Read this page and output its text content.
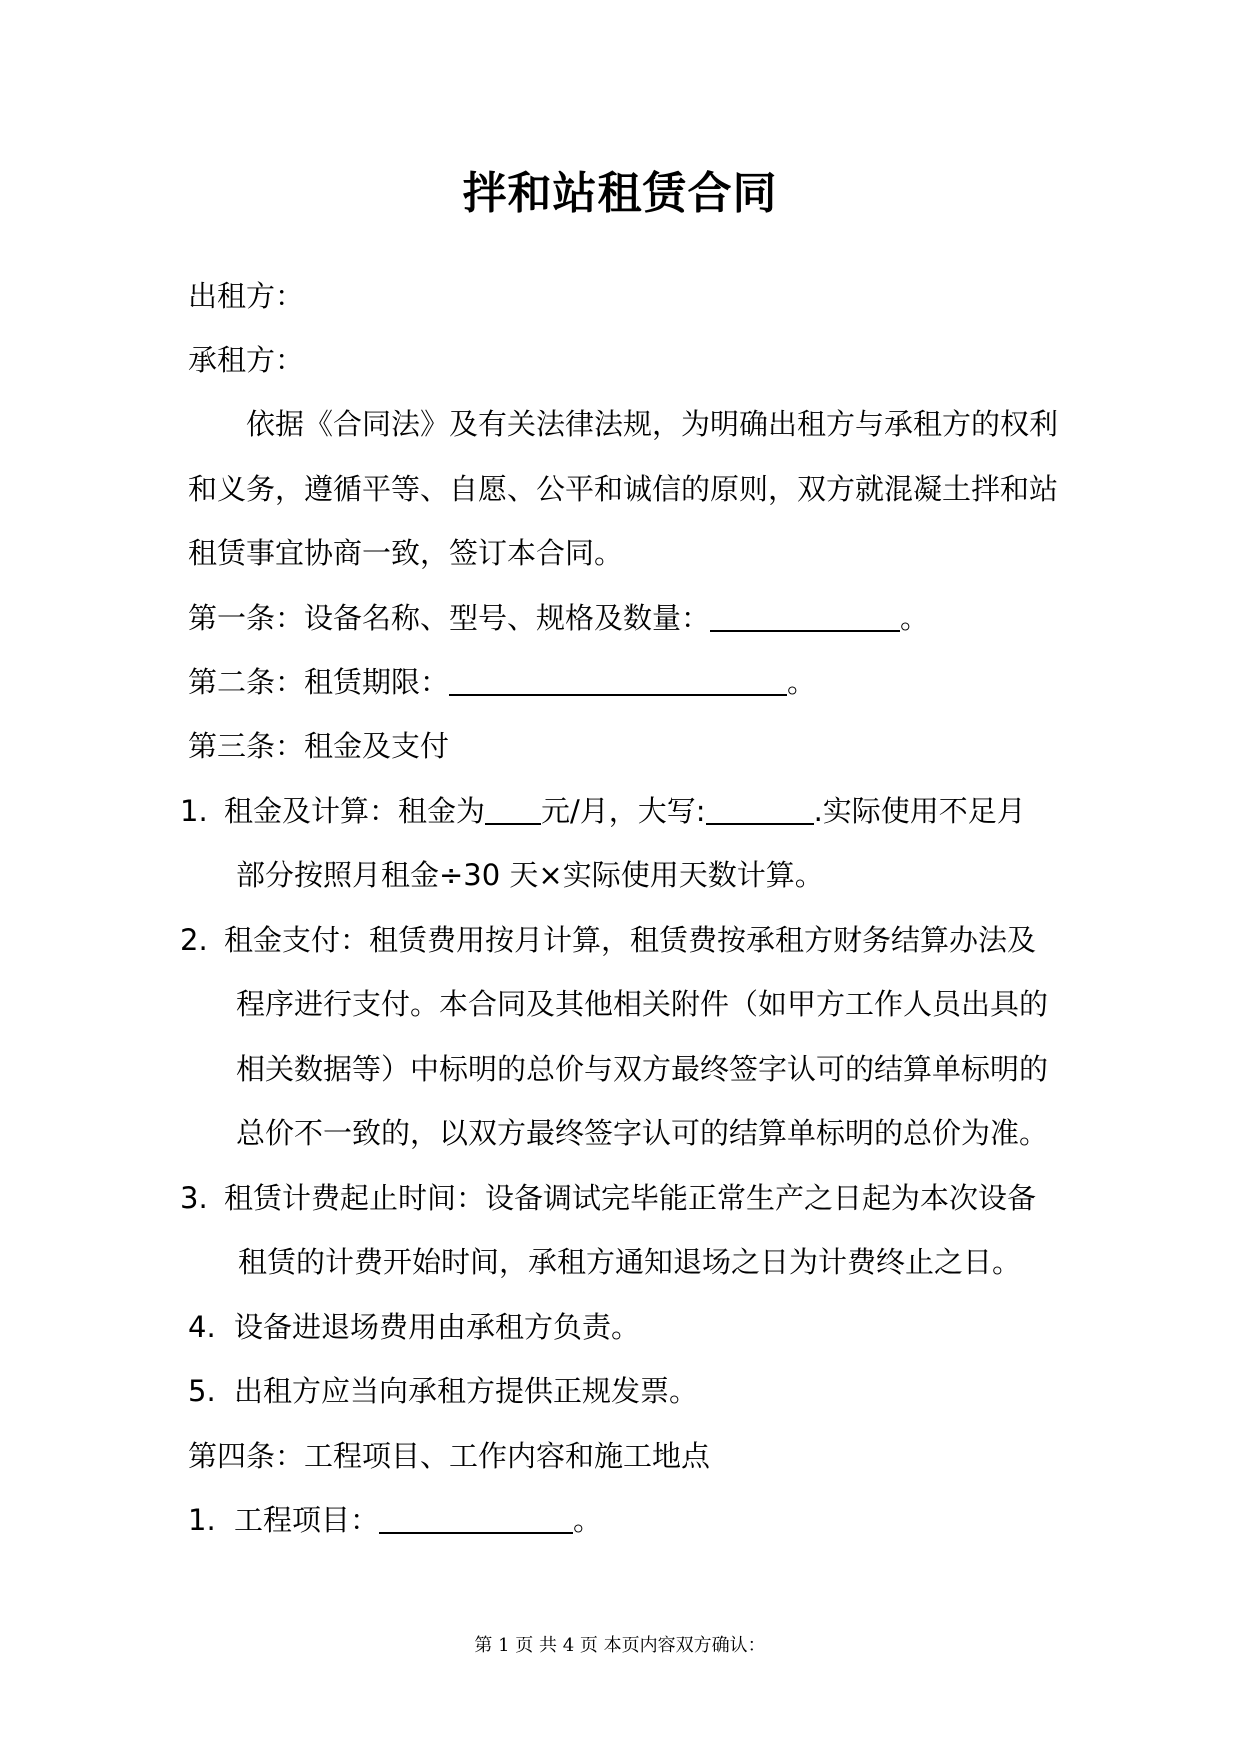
拌和站租赁合同
出租方：
承租方：
依据《合同法》及有关法律法规，为明确出租方与承租方的权利
和义务，遵循平等、自愿、公平和诚信的原则，双方就混凝土拌和站
租赁事宜协商一致，签订本合同。
第一条：设备名称、型号、规格及数量：	。
第二条：租赁期限：	。
第三条：租金及支付
1. 租金及计算：租金为 元/月，大写:	.实际使用不足月
部分按照月租金÷30 天×实际使用天数计算。
2. 租金支付：租赁费用按月计算，租赁费按承租方财务结算办法及
程序进行支付。本合同及其他相关附件（如甲方工作人员出具的
相关数据等）中标明的总价与双方最终签字认可的结算单标明的
总价不一致的，以双方最终签字认可的结算单标明的总价为准。
3. 租赁计费起止时间：设备调试完毕能正常生产之日起为本次设备
租赁的计费开始时间，承租方通知退场之日为计费终止之日。
4. 设备进退场费用由承租方负责。
5. 出租方应当向承租方提供正规发票。
第四条：工程项目、工作内容和施工地点
1. 工程项目：	。
第 1 页 共 4 页 本页内容双方确认：
